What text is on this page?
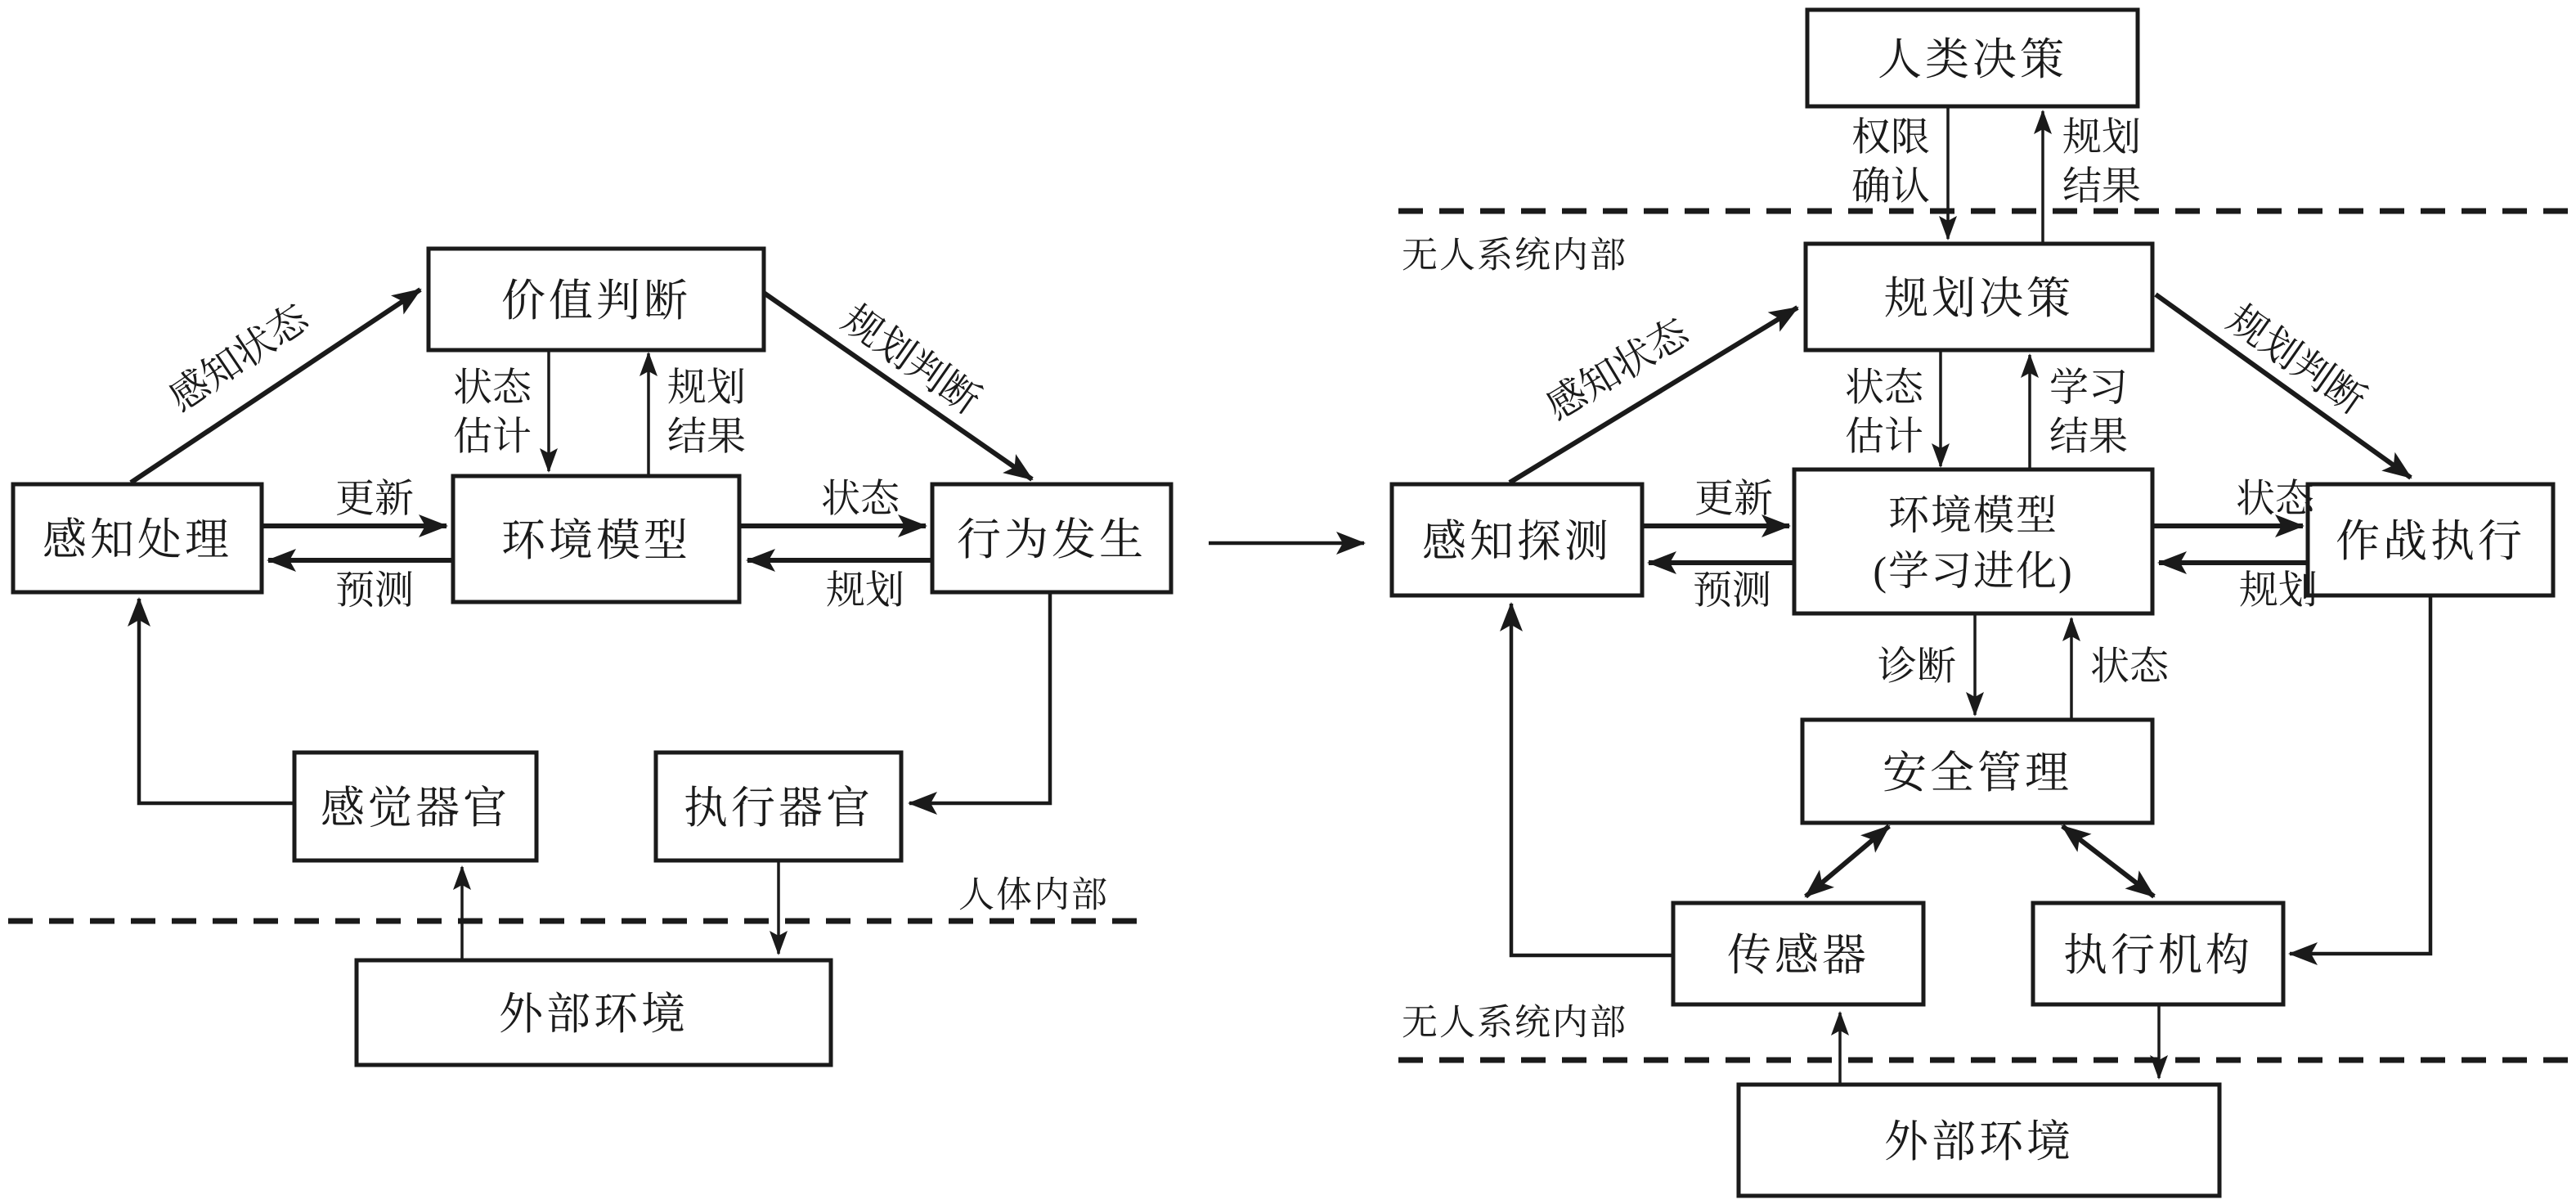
人体内部
感知处理
价值判断
环境模型	行为发生
感觉器官	执行器官
外部环境
感知状态	规划判断
状态
估计
规划
结果
更新
预测
状态
规划
无人系统内部
无人系统内部
人类决策
规划决策
感知探测
环境模型
(学习进化)
作战执行
安全管理
传感器	执行机构
外部环境
权限
确认
规划
结果
感知状态	规划判断
状态
估计
学习
结果
更新
预测
状态
规划
诊断	状态
